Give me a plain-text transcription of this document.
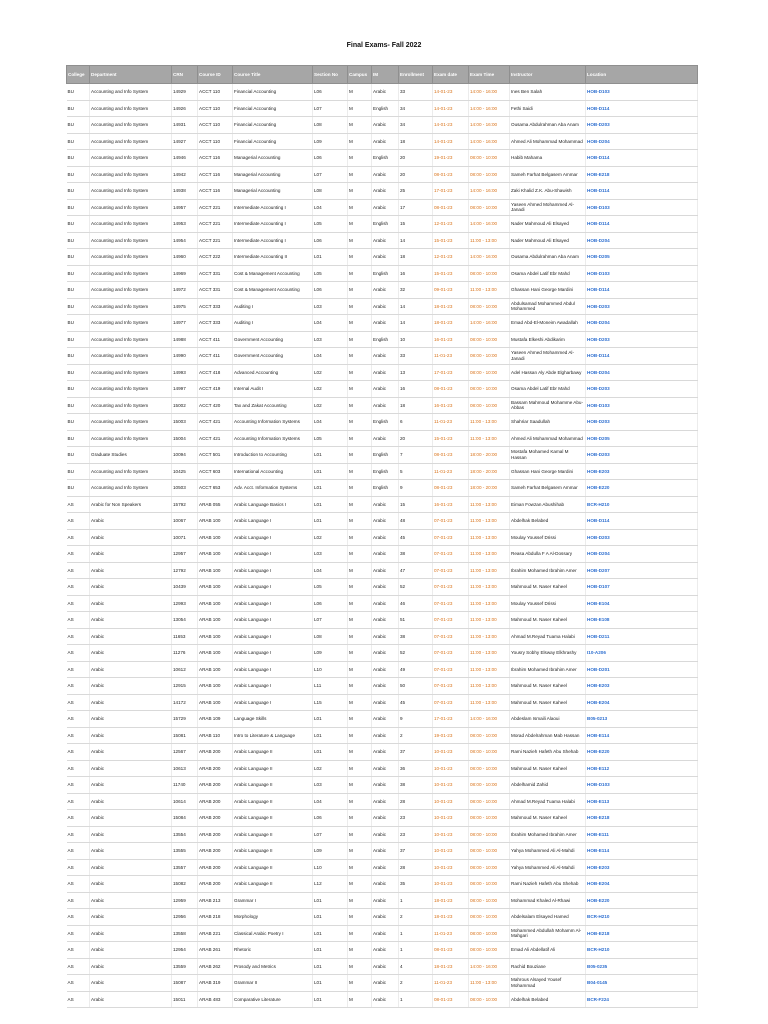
Final Exams- Fall 2022
College	Department	CRN	Course ID	Course Title	Section No	Campus	IM	Enrollment	Exam date	Exam Time	Instructor	Location
BU	Accounting and Info System	14929	ACCT 110	Financial Accounting	L06	M	Arabic	33	14-01-23	14:00 - 16:00	Ines Ben Salah	HOB-D103
BU	Accounting and Info System	14926	ACCT 110	Financial Accounting	L07	M	English	34	14-01-23	14:00 - 16:00	Fethi Saidi	HOB-D114
BU	Accounting and Info System	14931	ACCT 110	Financial Accounting	L08	M	Arabic	34	14-01-23	14:00 - 16:00	Ousama Abdulrahman Aba Anam	HOB-D203
BU	Accounting and Info System	14927	ACCT 110	Financial Accounting	L09	M	Arabic	18	14-01-23	14:00 - 16:00	Ahmed Ali Mohammad Mohammad	HOB-D204
BU	Accounting and Info System	14946	ACCT 116	Managerial Accounting	L06	M	English	20	19-01-23	08:00 - 10:00	Habib Mahama	HOB-D114
BU	Accounting and Info System	14942	ACCT 116	Managerial Accounting	L07	M	Arabic	20	08-01-23	08:00 - 10:00	Sameh Farhat Belgasem Ammar	HOB-E218
BU	Accounting and Info System	14938	ACCT 116	Managerial Accounting	L08	M	Arabic	25	17-01-23	14:00 - 16:00	Zaki Khalid Z.K. Abu-Shawish	HOB-D114
BU	Accounting and Info System	14957	ACCT 221	Intermediate Accounting I	L04	M	Arabic	17	08-01-23	08:00 - 10:00	Yaseen Ahmed Mohammed Al-Janadi	HOB-D103
BU	Accounting and Info System	14953	ACCT 221	Intermediate Accounting I	L05	M	English	15	12-01-23	14:00 - 16:00	Nader Mahmoud Ali Elsayed	HOB-D114
BU	Accounting and Info System	14954	ACCT 221	Intermediate Accounting I	L06	M	Arabic	14	15-01-23	11:00 - 13:00	Nader Mahmoud Ali Elsayed	HOB-D204
BU	Accounting and Info System	14960	ACCT 222	Intermediate Accounting II	L01	M	Arabic	18	12-01-23	14:00 - 16:00	Ousama Abdulrahman Aba Anam	HOB-D205
BU	Accounting and Info System	14969	ACCT 331	Cost & Management Accounting	L05	M	English	16	15-01-23	08:00 - 10:00	Osama Abdel Latif Ebr Mahd	HOB-D103
BU	Accounting and Info System	14972	ACCT 331	Cost & Management Accounting	L06	M	Arabic	32	09-01-23	11:00 - 13:00	Ghassan Hani George Mardini	HOB-D114
BU	Accounting and Info System	14975	ACCT 333	Auditing I	L03	M	Arabic	14	18-01-23	08:00 - 10:00	Abdulsamad Mohammed Abdul Mohammed	HOB-D203
BU	Accounting and Info System	14977	ACCT 333	Auditing I	L04	M	Arabic	14	18-01-23	14:00 - 16:00	Emad Abd-El-Moneim Awadallah	HOB-D204
BU	Accounting and Info System	14988	ACCT 411	Government Accounting	L03	M	English	10	16-01-23	08:00 - 10:00	Mustafa Elkeshi Abdikarim	HOB-D203
BU	Accounting and Info System	14990	ACCT 411	Government Accounting	L04	M	Arabic	33	11-01-23	08:00 - 10:00	Yaseen Ahmed Mohammed Al-Janadi	HOB-D114
BU	Accounting and Info System	14993	ACCT 418	Advanced Accounting	L02	M	Arabic	13	17-01-23	08:00 - 10:00	Adel Hassan Aly Abde Elgharbawy	HOB-D204
BU	Accounting and Info System	14997	ACCT 419	Internal Audit I	L02	M	Arabic	16	08-01-23	08:00 - 10:00	Osama Abdel Latif Ebr Mahd	HOB-D203
BU	Accounting and Info System	15002	ACCT 420	Tax and Zakat Accounting	L02	M	Arabic	18	16-01-23	08:00 - 10:00	Bassam Mahmoud Mohamme Abu-Abbas	HOB-D103
BU	Accounting and Info System	15003	ACCT 421	Accounting Information Systems	L04	M	English	6	11-01-23	11:00 - 13:00	Shahriar Saadullah	HOB-D203
BU	Accounting and Info System	15004	ACCT 421	Accounting Information Systems	L05	M	Arabic	20	15-01-23	11:00 - 13:00	Ahmed Ali Mohammad Mohammad	HOB-D205
BU	Graduate Studies	10094	ACCT 501	Introduction to Accounting	L01	M	English	7	08-01-23	18:00 - 20:00	Mostafa Mohamed Kamal M Hassan	HOB-D203
BU	Accounting and Info System	10425	ACCT 603	International Accounting	L01	M	English	5	11-01-23	18:00 - 20:00	Ghassan Hani George Mardini	HOB-E203
BU	Accounting and Info System	10503	ACCT 653	Adv. Acct. Information Systems	L01	M	English	9	08-01-23	18:00 - 20:00	Sameh Farhat Belgasem Ammar	HOB-E220
AS	Arabic for Non Speakers	15792	ARAB 055	Arabic Language Basics I	L01	M	Arabic	15	16-01-23	11:00 - 13:00	Eiman Fowzan Abushihab	BCR-H210
AS	Arabic	10067	ARAB 100	Arabic Language I	L01	M	Arabic	48	07-01-23	11:00 - 13:00	Abdelhak Belabed	HOB-D114
AS	Arabic	10071	ARAB 100	Arabic Language I	L02	M	Arabic	45	07-01-23	11:00 - 13:00	Moulay Youssef Drissi	HOB-D203
AS	Arabic	12957	ARAB 100	Arabic Language I	L03	M	Arabic	38	07-01-23	11:00 - 13:00	Reasa Abdulla F A Al-Dossary	HOB-D204
AS	Arabic	12792	ARAB 100	Arabic Language I	L04	M	Arabic	47	07-01-23	11:00 - 13:00	Ibrahim Mohamed Ibrahim Amer	HOB-D207
AS	Arabic	10439	ARAB 100	Arabic Language I	L05	M	Arabic	52	07-01-23	11:00 - 13:00	Mahmoud M. Naser Kaheel	HOB-D107
AS	Arabic	12993	ARAB 100	Arabic Language I	L06	M	Arabic	46	07-01-23	11:00 - 13:00	Moulay Youssef Drissi	HOB-E104
AS	Arabic	13054	ARAB 100	Arabic Language I	L07	M	Arabic	51	07-01-23	11:00 - 13:00	Mahmoud M. Naser Kaheel	HOB-E108
AS	Arabic	11653	ARAB 100	Arabic Language I	L08	M	Arabic	38	07-01-23	11:00 - 13:00	Ahmad M.Reyad Tuama Halabi	HOB-D211
AS	Arabic	11276	ARAB 100	Arabic Language I	L09	M	Arabic	52	07-01-23	11:00 - 13:00	Yousry Sobhy Elsway Elkhrashy	I10-A206
AS	Arabic	10612	ARAB 100	Arabic Language I	L10	M	Arabic	49	07-01-23	11:00 - 13:00	Ibrahim Mohamed Ibrahim Amer	HOB-D201
AS	Arabic	12915	ARAB 100	Arabic Language I	L11	M	Arabic	50	07-01-23	11:00 - 13:00	Mahmoud M. Naser Kaheel	HOB-E203
AS	Arabic	14172	ARAB 100	Arabic Language I	L15	M	Arabic	45	07-01-23	11:00 - 13:00	Mahmoud M. Naser Kaheel	HOB-E204
AS	Arabic	15729	ARAB 109	Language Skills	L01	M	Arabic	9	17-01-23	14:00 - 16:00	Abdeslam Ismaili Alaoui	B05-0213
AS	Arabic	15081	ARAB 110	Intro to Literature & Language	L01	M	Arabic	2	19-01-23	08:00 - 10:00	Morad Abdelrahman Mab Hassan	HOB-E114
AS	Arabic	12567	ARAB 200	Arabic Language II	L01	M	Arabic	37	10-01-23	08:00 - 10:00	Rami Nazieh Hafeth Abu Shehab	HOB-E220
AS	Arabic	10613	ARAB 200	Arabic Language II	L02	M	Arabic	36	10-01-23	08:00 - 10:00	Mahmoud M. Naser Kaheel	HOB-E112
AS	Arabic	11740	ARAB 200	Arabic Language II	L03	M	Arabic	38	10-01-23	08:00 - 10:00	Abdelhamid Zahid	HOB-D103
AS	Arabic	10614	ARAB 200	Arabic Language II	L04	M	Arabic	28	10-01-23	08:00 - 10:00	Ahmad M.Reyad Tuama Halabi	HOB-E113
AS	Arabic	15084	ARAB 200	Arabic Language II	L06	M	Arabic	23	10-01-23	08:00 - 10:00	Mahmoud M. Naser Kaheel	HOB-E218
AS	Arabic	13554	ARAB 200	Arabic Language II	L07	M	Arabic	23	10-01-23	08:00 - 10:00	Ibrahim Mohamed Ibrahim Amer	HOB-E111
AS	Arabic	13555	ARAB 200	Arabic Language II	L09	M	Arabic	37	10-01-23	08:00 - 10:00	Yahya Mohammed Ali Al-Mahdi	HOB-E114
AS	Arabic	13557	ARAB 200	Arabic Language II	L10	M	Arabic	28	10-01-23	08:00 - 10:00	Yahya Mohammed Ali Al-Mahdi	HOB-E203
AS	Arabic	15082	ARAB 200	Arabic Language II	L12	M	Arabic	35	10-01-23	08:00 - 10:00	Rami Nazieh Hafeth Abu Shehab	HOB-E204
AS	Arabic	12959	ARAB 213	Grammar I	L01	M	Arabic	1	18-01-23	08:00 - 10:00	Mohammad Khaled Al-Rhawi	HOB-E220
AS	Arabic	12956	ARAB 218	Morphology	L01	M	Arabic	2	18-01-23	08:00 - 10:00	Abdelsalam Elsayed Hamed	BCR-H210
AS	Arabic	13558	ARAB 221	Classical Arabic Poetry I	L01	M	Arabic	1	11-01-23	08:00 - 10:00	Mohammed Abdullah Mohamm Al-Mahgari	HOB-E218
AS	Arabic	12954	ARAB 261	Rhetoric	L01	M	Arabic	1	08-01-23	08:00 - 10:00	Emad Ali Abdellatif Ali	BCR-H210
AS	Arabic	13559	ARAB 262	Prosody and Metrics	L01	M	Arabic	4	18-01-23	14:00 - 16:00	Rachid Bouziane	B05-0235
AS	Arabic	15087	ARAB 319	Grammar II	L01	M	Arabic	2	11-01-23	11:00 - 13:00	Mahrous Alsayed Yousef Mohammad	B04-0145
AS	Arabic	15011	ARAB 483	Comparative Literature	L01	M	Arabic	1	08-01-23	08:00 - 10:00	Abdelhak Belabed	BCR-F224
